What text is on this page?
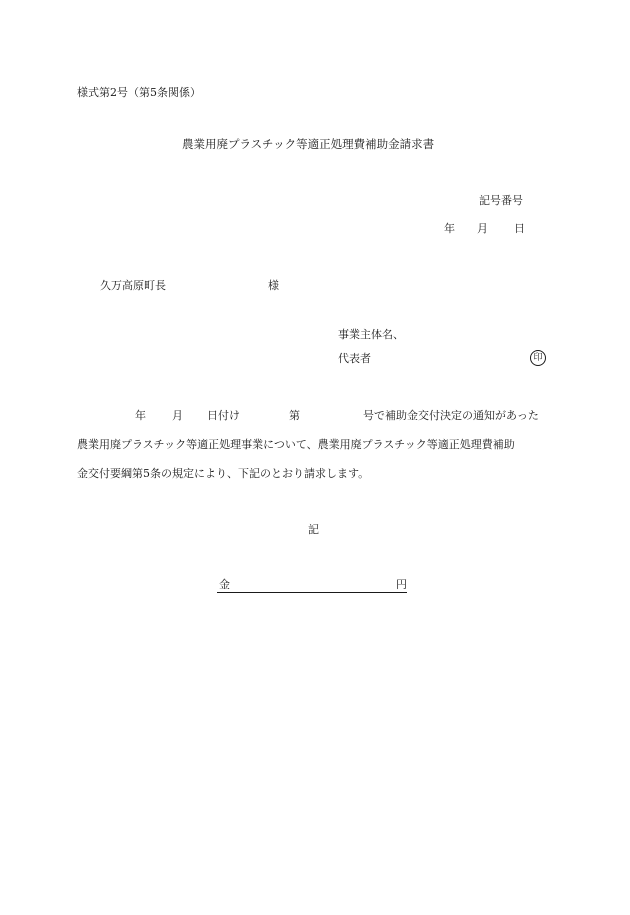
様式第2号（第5条関係）
農業用廃プラスチック等適正処理費補助金請求書
記号番号
年 月 日
久万高原町長	様
事業主体名、
代表者	印
年 月 日付け	第	号で補助金交付決定の通知があった
農業用廃プラスチック等適正処理事業について、農業用廃プラスチック等適正処理費補助
金交付要綱第5条の規定により、下記のとおり請求します。
記
金	円
